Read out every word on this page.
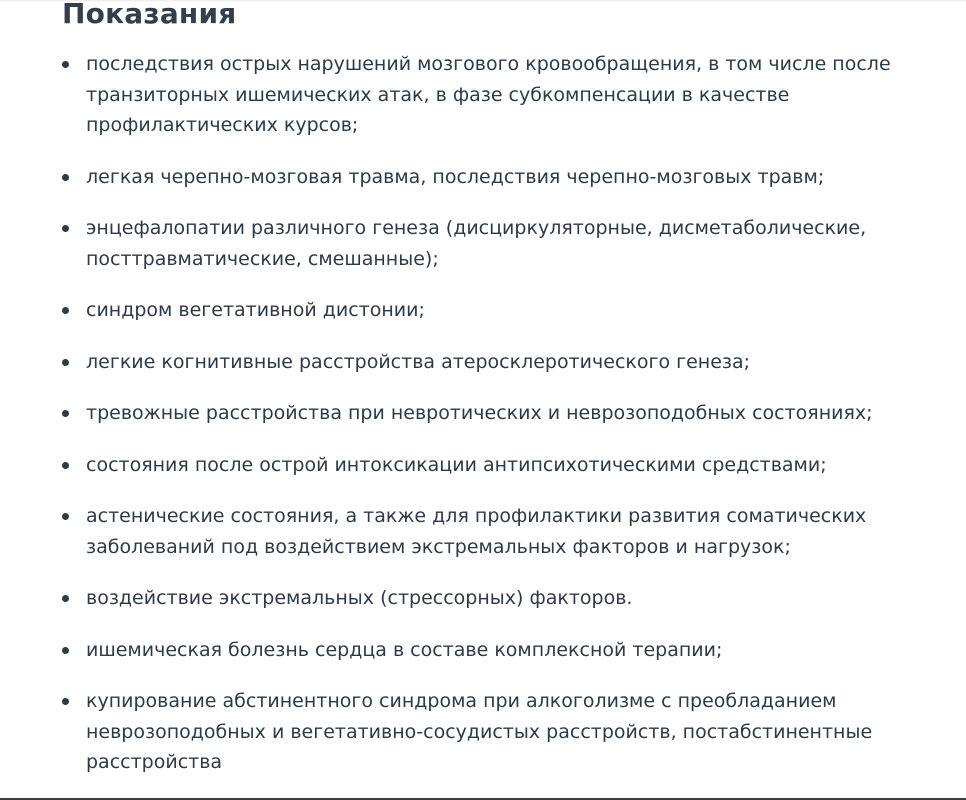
Показания
последствия острых нарушений мозгового кровообращения, в том числе после транзиторных ишемических атак, в фазе субкомпенсации в качестве профилактических курсов;
легкая черепно-мозговая травма, последствия черепно-мозговых травм;
энцефалопатии различного генеза (дисциркуляторные, дисметаболические, посттравматические, смешанные);
синдром вегетативной дистонии;
легкие когнитивные расстройства атеросклеротического генеза;
тревожные расстройства при невротических и неврозоподобных состояниях;
состояния после острой интоксикации антипсихотическими средствами;
астенические состояния, а также для профилактики развития соматических заболеваний под воздействием экстремальных факторов и нагрузок;
воздействие экстремальных (стрессорных) факторов.
ишемическая болезнь сердца в составе комплексной терапии;
купирование абстинентного синдрома при алкоголизме с преобладанием неврозоподобных и вегетативно-сосудистых расстройств, постабстинентные расстройства
